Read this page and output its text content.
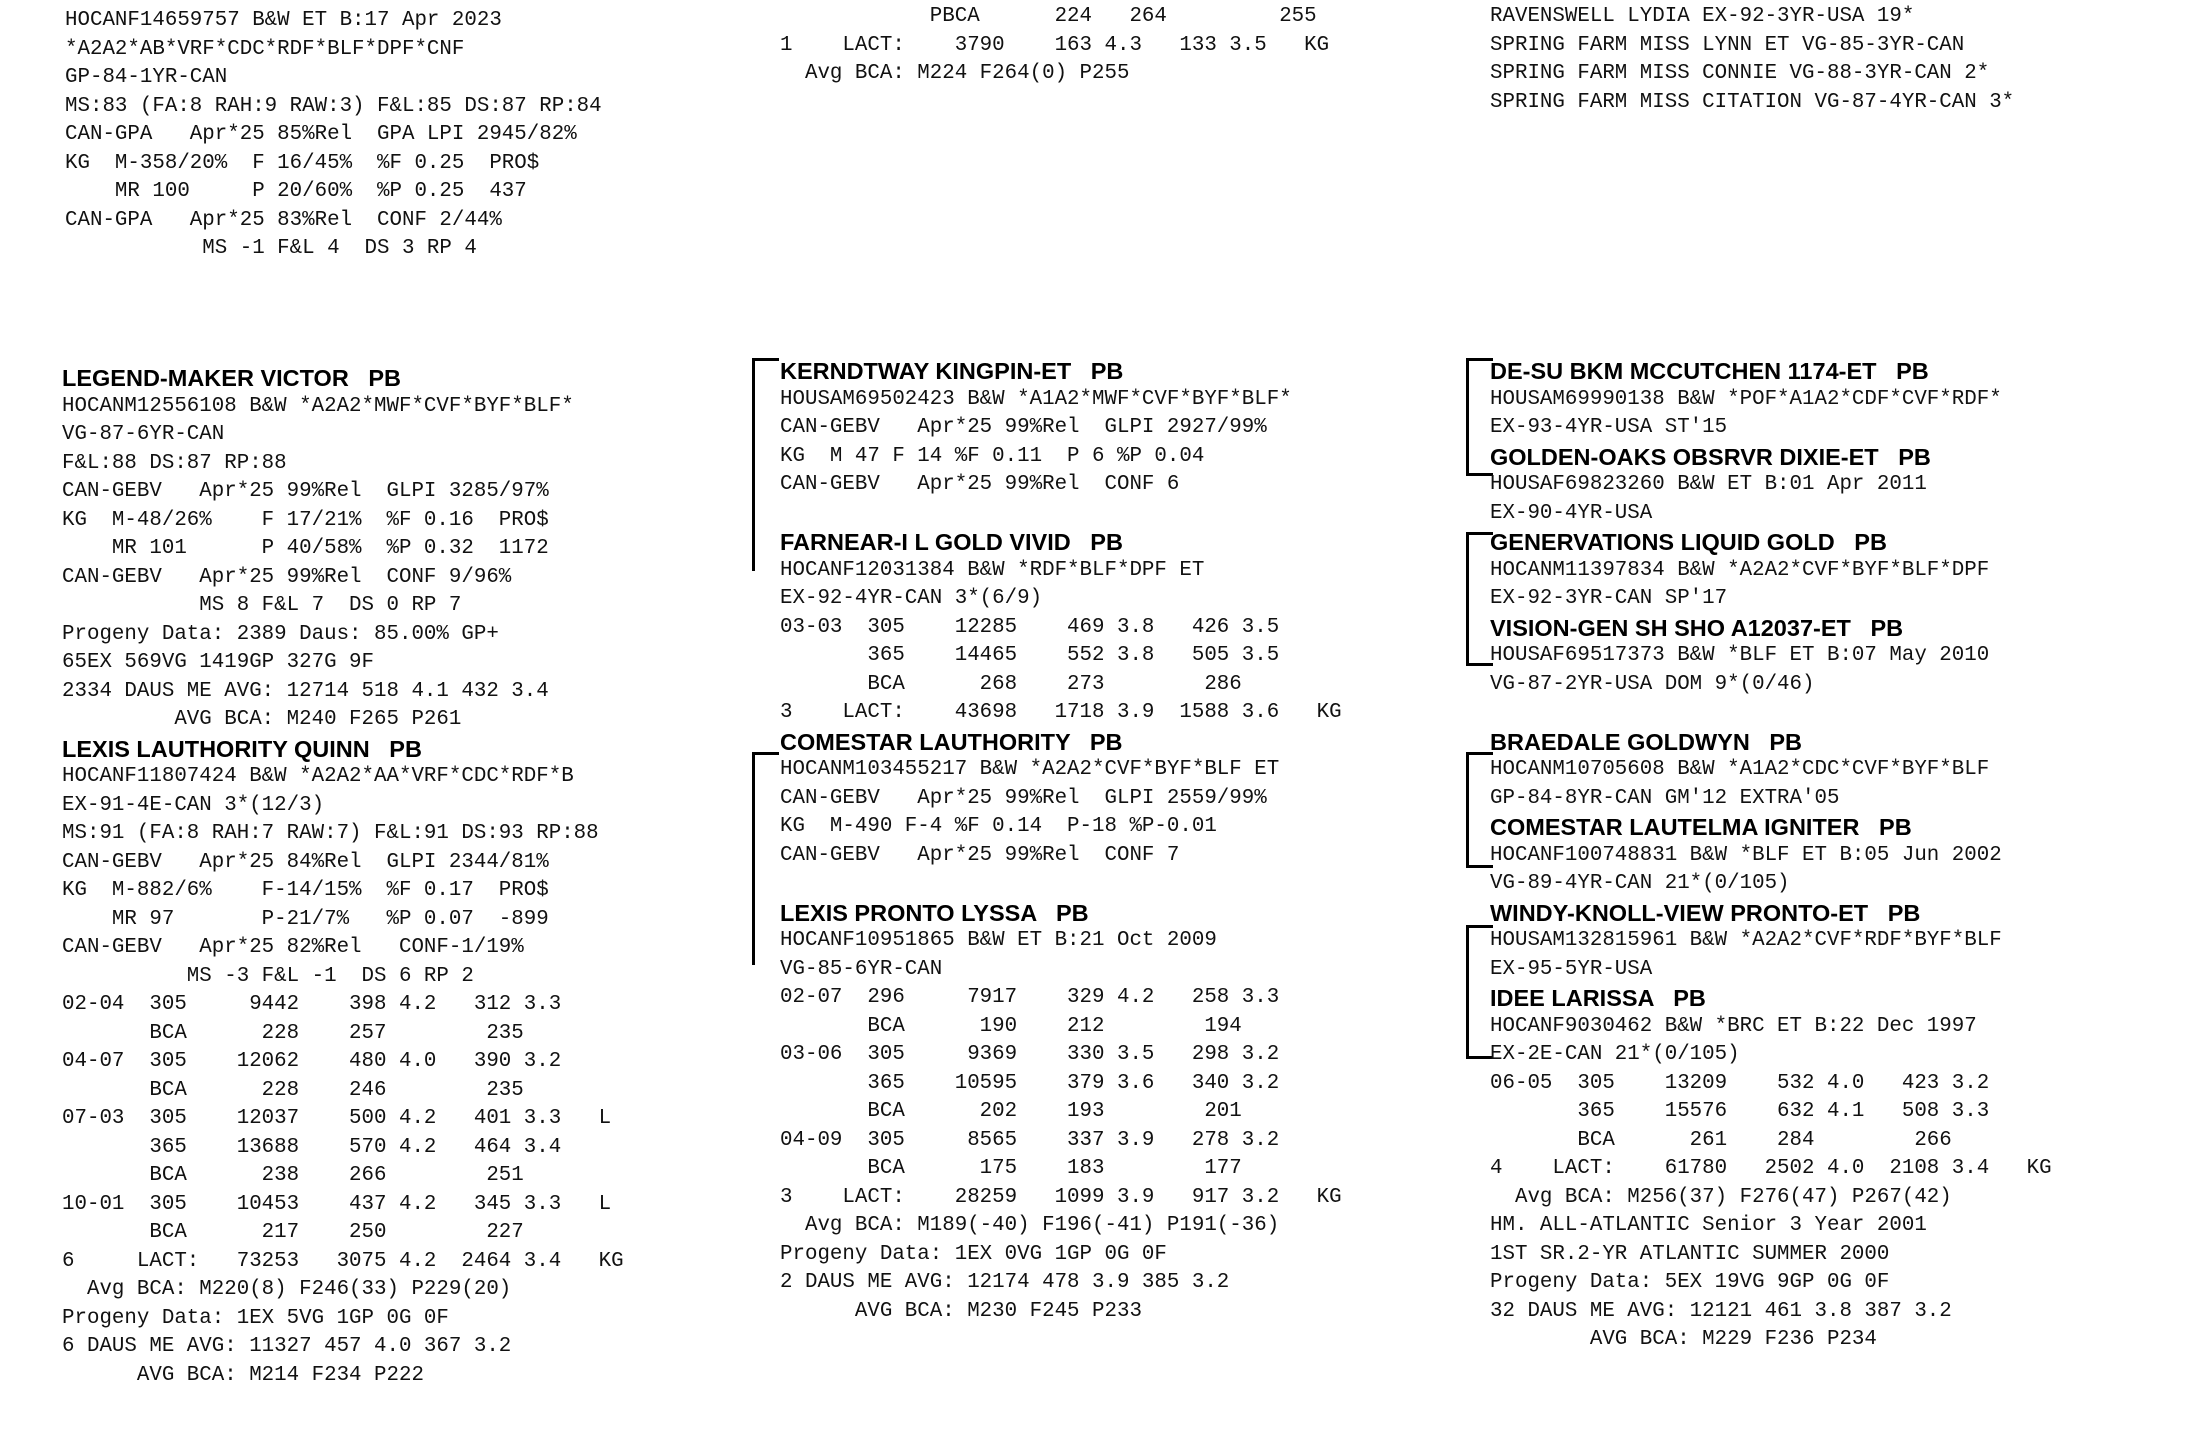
HOCANF14659757 B&W ET B:17 Apr 2023
*A2A2*AB*VRF*CDC*RDF*BLF*DPF*CNF
GP-84-1YR-CAN
MS:83 (FA:8 RAH:9 RAW:3) F&L:85 DS:87 RP:84
CAN-GPA   Apr*25 85%Rel  GPA LPI 2945/82%
KG  M-358/20%  F 16/45%  %F 0.25  PRO$
MR 100     P 20/60%  %P 0.25  437
CAN-GPA   Apr*25 83%Rel  CONF 2/44%
MS -1 F&L 4  DS 3 RP 4
PBCA      224   264         255
1    LACT:    3790    163 4.3   133 3.5   KG
Avg BCA: M224 F264(0) P255
RAVENSWELL LYDIA EX-92-3YR-USA 19*
SPRING FARM MISS LYNN ET VG-85-3YR-CAN
SPRING FARM MISS CONNIE VG-88-3YR-CAN 2*
SPRING FARM MISS CITATION VG-87-4YR-CAN 3*
LEGEND-MAKER VICTOR   PB
HOCANM12556108 B&W *A2A2*MWF*CVF*BYF*BLF*
VG-87-6YR-CAN
F&L:88 DS:87 RP:88
CAN-GEBV   Apr*25 99%Rel  GLPI 3285/97%
KG  M-48/26%    F 17/21%  %F 0.16  PRO$
MR 101      P 40/58%  %P 0.32  1172
CAN-GEBV   Apr*25 99%Rel  CONF 9/96%
MS 8 F&L 7  DS 0 RP 7
Progeny Data: 2389 Daus: 85.00% GP+
65EX 569VG 1419GP 327G 9F
2334 DAUS ME AVG: 12714 518 4.1 432 3.4
AVG BCA: M240 F265 P261
LEXIS LAUTHORITY QUINN   PB
HOCANF11807424 B&W *A2A2*AA*VRF*CDC*RDF*B
EX-91-4E-CAN 3*(12/3)
MS:91 (FA:8 RAH:7 RAW:7) F&L:91 DS:93 RP:88
CAN-GEBV   Apr*25 84%Rel  GLPI 2344/81%
KG  M-882/6%    F-14/15%  %F 0.17  PRO$
MR 97       P-21/7%   %P 0.07  -899
CAN-GEBV   Apr*25 82%Rel   CONF-1/19%
MS -3 F&L -1  DS 6 RP 2
02-04  305     9442    398 4.2   312 3.3
BCA      228    257        235
04-07  305    12062    480 4.0   390 3.2
BCA      228    246        235
07-03  305    12037    500 4.2   401 3.3   L
365    13688    570 4.2   464 3.4
BCA      238    266        251
10-01  305    10453    437 4.2   345 3.3   L
BCA      217    250        227
6     LACT:   73253   3075 4.2  2464 3.4   KG
Avg BCA: M220(8) F246(33) P229(20)
Progeny Data: 1EX 5VG 1GP 0G 0F
6 DAUS ME AVG: 11327 457 4.0 367 3.2
AVG BCA: M214 F234 P222
KERNDTWAY KINGPIN-ET   PB
HOUSAM69502423 B&W *A1A2*MWF*CVF*BYF*BLF*
CAN-GEBV   Apr*25 99%Rel  GLPI 2927/99%
KG  M 47 F 14 %F 0.11  P 6 %P 0.04
CAN-GEBV   Apr*25 99%Rel  CONF 6
FARNEAR-I L GOLD VIVID   PB
HOCANF12031384 B&W *RDF*BLF*DPF ET
EX-92-4YR-CAN 3*(6/9)
03-03  305    12285    469 3.8   426 3.5
365    14465    552 3.8   505 3.5
BCA      268    273        286
3    LACT:    43698   1718 3.9  1588 3.6   KG
COMESTAR LAUTHORITY   PB
HOCANM103455217 B&W *A2A2*CVF*BYF*BLF ET
CAN-GEBV   Apr*25 99%Rel  GLPI 2559/99%
KG  M-490 F-4 %F 0.14  P-18 %P-0.01
CAN-GEBV   Apr*25 99%Rel  CONF 7
LEXIS PRONTO LYSSA   PB
HOCANF10951865 B&W ET B:21 Oct 2009
VG-85-6YR-CAN
02-07  296     7917    329 4.2   258 3.3
BCA      190    212        194
03-06  305     9369    330 3.5   298 3.2
365    10595    379 3.6   340 3.2
BCA      202    193        201
04-09  305     8565    337 3.9   278 3.2
BCA      175    183        177
3    LACT:    28259   1099 3.9   917 3.2   KG
Avg BCA: M189(-40) F196(-41) P191(-36)
Progeny Data: 1EX 0VG 1GP 0G 0F
2 DAUS ME AVG: 12174 478 3.9 385 3.2
AVG BCA: M230 F245 P233
DE-SU BKM MCCUTCHEN 1174-ET   PB
HOUSAM69990138 B&W *POF*A1A2*CDF*CVF*RDF*
EX-93-4YR-USA ST'15
GOLDEN-OAKS OBSRVR DIXIE-ET   PB
HOUSAF69823260 B&W ET B:01 Apr 2011
EX-90-4YR-USA
GENERVATIONS LIQUID GOLD   PB
HOCANM11397834 B&W *A2A2*CVF*BYF*BLF*DPF
EX-92-3YR-CAN SP'17
VISION-GEN SH SHO A12037-ET   PB
HOUSAF69517373 B&W *BLF ET B:07 May 2010
VG-87-2YR-USA DOM 9*(0/46)
BRAEDALE GOLDWYN   PB
HOCANM10705608 B&W *A1A2*CDC*CVF*BYF*BLF
GP-84-8YR-CAN GM'12 EXTRA'05
COMESTAR LAUTELMA IGNITER   PB
HOCANF100748831 B&W *BLF ET B:05 Jun 2002
VG-89-4YR-CAN 21*(0/105)
WINDY-KNOLL-VIEW PRONTO-ET   PB
HOUSAM132815961 B&W *A2A2*CVF*RDF*BYF*BLF
EX-95-5YR-USA
IDEE LARISSA   PB
HOCANF9030462 B&W *BRC ET B:22 Dec 1997
EX-2E-CAN 21*(0/105)
06-05  305    13209    532 4.0   423 3.2
365    15576    632 4.1   508 3.3
BCA      261    284        266
4    LACT:    61780   2502 4.0  2108 3.4   KG
Avg BCA: M256(37) F276(47) P267(42)
HM. ALL-ATLANTIC Senior 3 Year 2001
1ST SR.2-YR ATLANTIC SUMMER 2000
Progeny Data: 5EX 19VG 9GP 0G 0F
32 DAUS ME AVG: 12121 461 3.8 387 3.2
AVG BCA: M229 F236 P234
